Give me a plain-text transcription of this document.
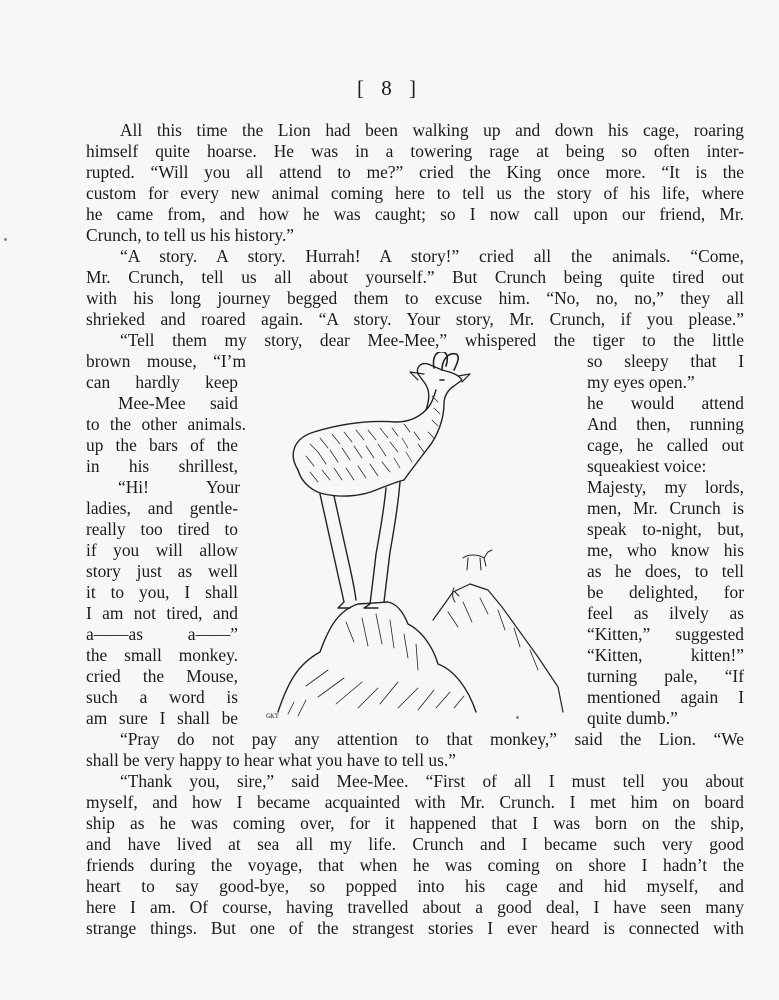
[ 8 ]
All this time the Lion had been walking up and down his cage, roaring
himself quite hoarse. He was in a towering rage at being so often inter-
rupted. “Will you all attend to me?” cried the King once more. “It is the
custom for every new animal coming here to tell us the story of his life, where
he came from, and how he was caught; so I now call upon our friend, Mr.
Crunch, to tell us his history.”
“A story. A story. Hurrah! A story!” cried all the animals. “Come,
Mr. Crunch, tell us all about yourself.” But Crunch being quite tired out
with his long journey begged them to excuse him. “No, no, no,” they all
shrieked and roared again. “A story. Your story, Mr. Crunch, if you please.”
“Tell them my story, dear Mee-Mee,” whispered the tiger to the little
brown mouse, “I’m
can hardly keep
Mee-Mee said
to the other animals.
up the bars of the
in his shrillest,
“Hi! Your
ladies, and gentle-
really too tired to
if you will allow
story just as well
it to you, I shall
I am not tired, and
a——as a——”
the small monkey.
cried the Mouse,
such a word is
am sure I shall be
so sleepy that I
my eyes open.”
he would attend
And then, running
cage, he called out
squeakiest voice:
Majesty, my lords,
men, Mr. Crunch is
speak to-night, but,
me, who know his
as he does, to tell
be delighted, for
feel as ilvely as
“Kitten,” suggested
“Kitten, kitten!”
turning pale, “If
mentioned again I
quite dumb.”
ɢᴋᴛ
“Pray do not pay any attention to that monkey,” said the Lion. “We
shall be very happy to hear what you have to tell us.”
“Thank you, sire,” said Mee-Mee. “First of all I must tell you about
myself, and how I became acquainted with Mr. Crunch. I met him on board
ship as he was coming over, for it happened that I was born on the ship,
and have lived at sea all my life. Crunch and I became such very good
friends during the voyage, that when he was coming on shore I hadn’t the
heart to say good-bye, so popped into his cage and hid myself, and
here I am. Of course, having travelled about a good deal, I have seen many
strange things. But one of the strangest stories I ever heard is connected with
